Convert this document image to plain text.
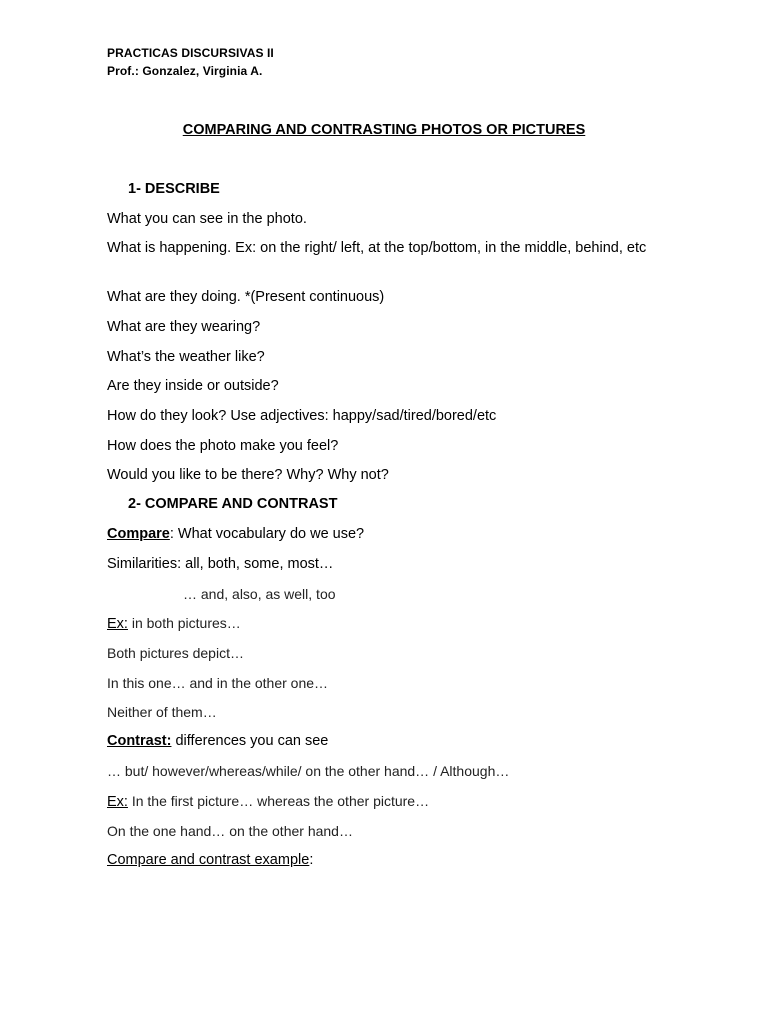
PRACTICAS DISCURSIVAS II
Prof.: Gonzalez, Virginia A.
COMPARING AND CONTRASTING PHOTOS OR PICTURES
1- DESCRIBE
What you can see in the photo.
What is happening. Ex: on the right/ left, at the top/bottom, in the middle, behind, etc
What are they doing. *(Present continuous)
What are they wearing?
What’s the weather like?
Are they inside or outside?
How do they look? Use adjectives: happy/sad/tired/bored/etc
How does the photo make you feel?
Would you like to be there? Why? Why not?
2- COMPARE AND CONTRAST
Compare: What vocabulary do we use?
Similarities: all, both, some, most…
… and, also, as well, too
Ex: in both pictures…
Both pictures depict…
In this one… and in the other one…
Neither of them…
Contrast: differences you can see
… but/ however/whereas/while/ on the other hand… / Although…
Ex: In the first picture… whereas the other picture…
On the one hand… on the other hand…
Compare and contrast example:
